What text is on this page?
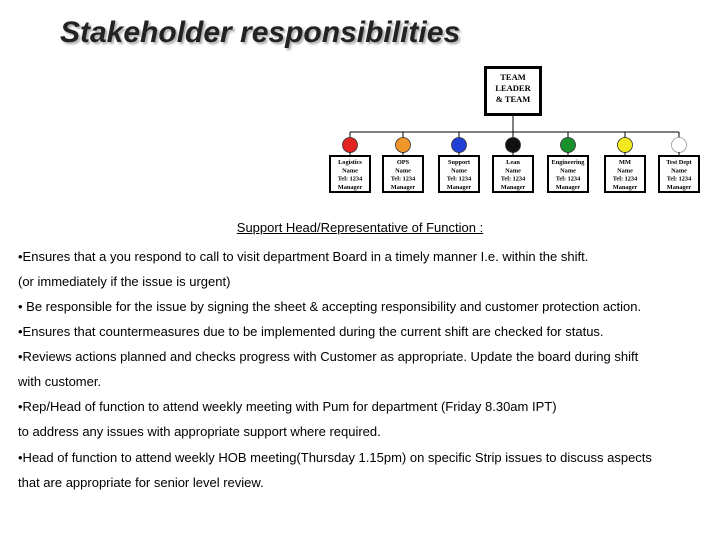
Stakeholder responsibilities
TEAM
LEADER
& TEAM
Logistics
Name
Tel: 1234
Manager
OPS
Name
Tel: 1234
Manager
Support
Name
Tel: 1234
Manager
Lean
Name
Tel: 1234
Manager
Engineering
Name
Tel: 1234
Manager
MM
Name
Tel: 1234
Manager
Test Dept
Name
Tel: 1234
Manager
Support Head/Representative of Function :
•Ensures that a you respond to call to visit department Board in a timely manner I.e. within the shift.
(or immediately if the issue is urgent)
• Be responsible for the issue by signing the sheet & accepting responsibility and customer protection action.
•Ensures that countermeasures due to be implemented during the current shift are checked for status.
•Reviews actions planned and checks progress with Customer as appropriate. Update the board during shift
with customer.
•Rep/Head of function to attend weekly meeting with Pum for department (Friday 8.30am IPT)
to address any issues with appropriate support where required.
•Head of function to attend weekly HOB meeting(Thursday 1.15pm) on specific Strip issues to discuss aspects
that are appropriate for senior level review.
